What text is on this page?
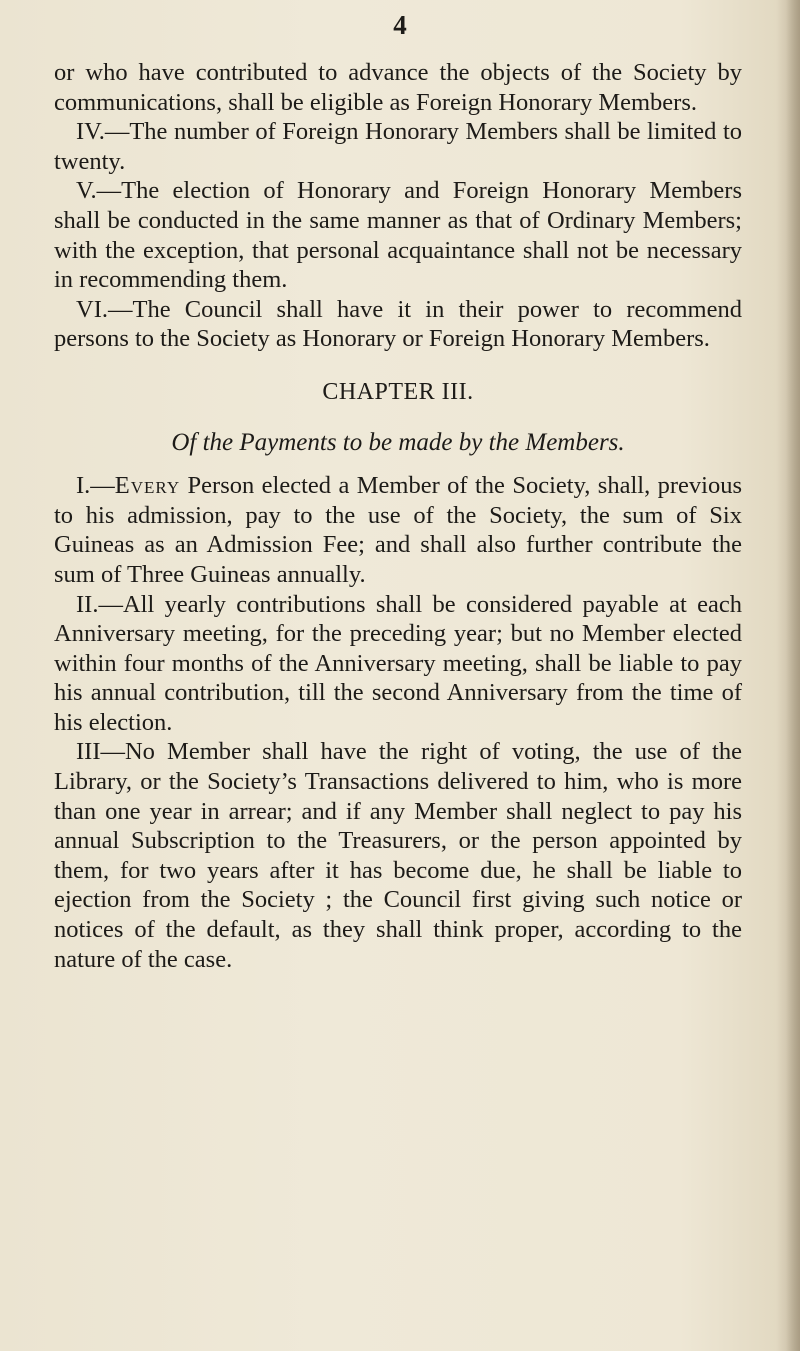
4

or who have contributed to advance the objects of the Society by communications, shall be eligible as Foreign Honorary Members.

IV.—The number of Foreign Honorary Members shall be limited to twenty.

V.—The election of Honorary and Foreign Honorary Members shall be conducted in the same manner as that of Ordinary Members; with the exception, that personal acquaintance shall not be necessary in recommending them.

VI.—The Council shall have it in their power to recommend persons to the Society as Honorary or Foreign Honorary Members.

CHAPTER III.

Of the Payments to be made by the Members.

I.—Every Person elected a Member of the Society, shall, previous to his admission, pay to the use of the Society, the sum of Six Guineas as an Admission Fee; and shall also further contribute the sum of Three Guineas annually.

II.—All yearly contributions shall be considered payable at each Anniversary meeting, for the preceding year; but no Member elected within four months of the Anniversary meeting, shall be liable to pay his annual contribution, till the second Anniversary from the time of his election.

III—No Member shall have the right of voting, the use of the Library, or the Society’s Transactions delivered to him, who is more than one year in arrear; and if any Member shall neglect to pay his annual Subscription to the Treasurers, or the person appointed by them, for two years after it has become due, he shall be liable to ejection from the Society ; the Council first giving such notice or notices of the default, as they shall think proper, according to the nature of the case.
